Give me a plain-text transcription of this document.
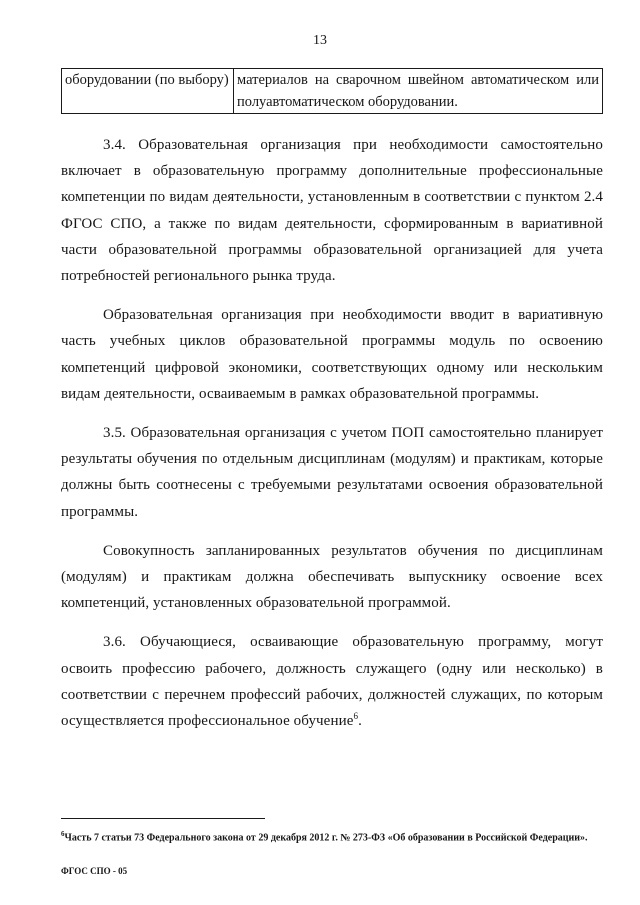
13
оборудовании (по выбору)	материалов на сварочном швейном автоматическом или полуавтоматическом оборудовании.

3.4. Образовательная организация при необходимости самостоятельно включает в образовательную программу дополнительные профессиональные компетенции по видам деятельности, установленным в соответствии с пунктом 2.4 ФГОС СПО, а также по видам деятельности, сформированным в вариативной части образовательной программы образовательной организацией для учета потребностей регионального рынка труда.

Образовательная организация при необходимости вводит в вариативную часть учебных циклов образовательной программы модуль по освоению компетенций цифровой экономики, соответствующих одному или нескольким видам деятельности, осваиваемым в рамках образовательной программы.

3.5. Образовательная организация с учетом ПОП самостоятельно планирует результаты обучения по отдельным дисциплинам (модулям) и практикам, которые должны быть соотнесены с требуемыми результатами освоения образовательной программы.

Совокупность запланированных результатов обучения по дисциплинам (модулям) и практикам должна обеспечивать выпускнику освоение всех компетенций, установленных образовательной программой.

3.6. Обучающиеся, осваивающие образовательную программу, могут освоить профессию рабочего, должность служащего (одну или несколько) в соответствии с перечнем профессий рабочих, должностей служащих, по которым осуществляется профессиональное обучение$^6$.

$^6$Часть 7 статьи 73 Федерального закона от 29 декабря 2012 г. № 273-ФЗ «Об образовании в Российской Федерации».
ФГОС СПО - 05
